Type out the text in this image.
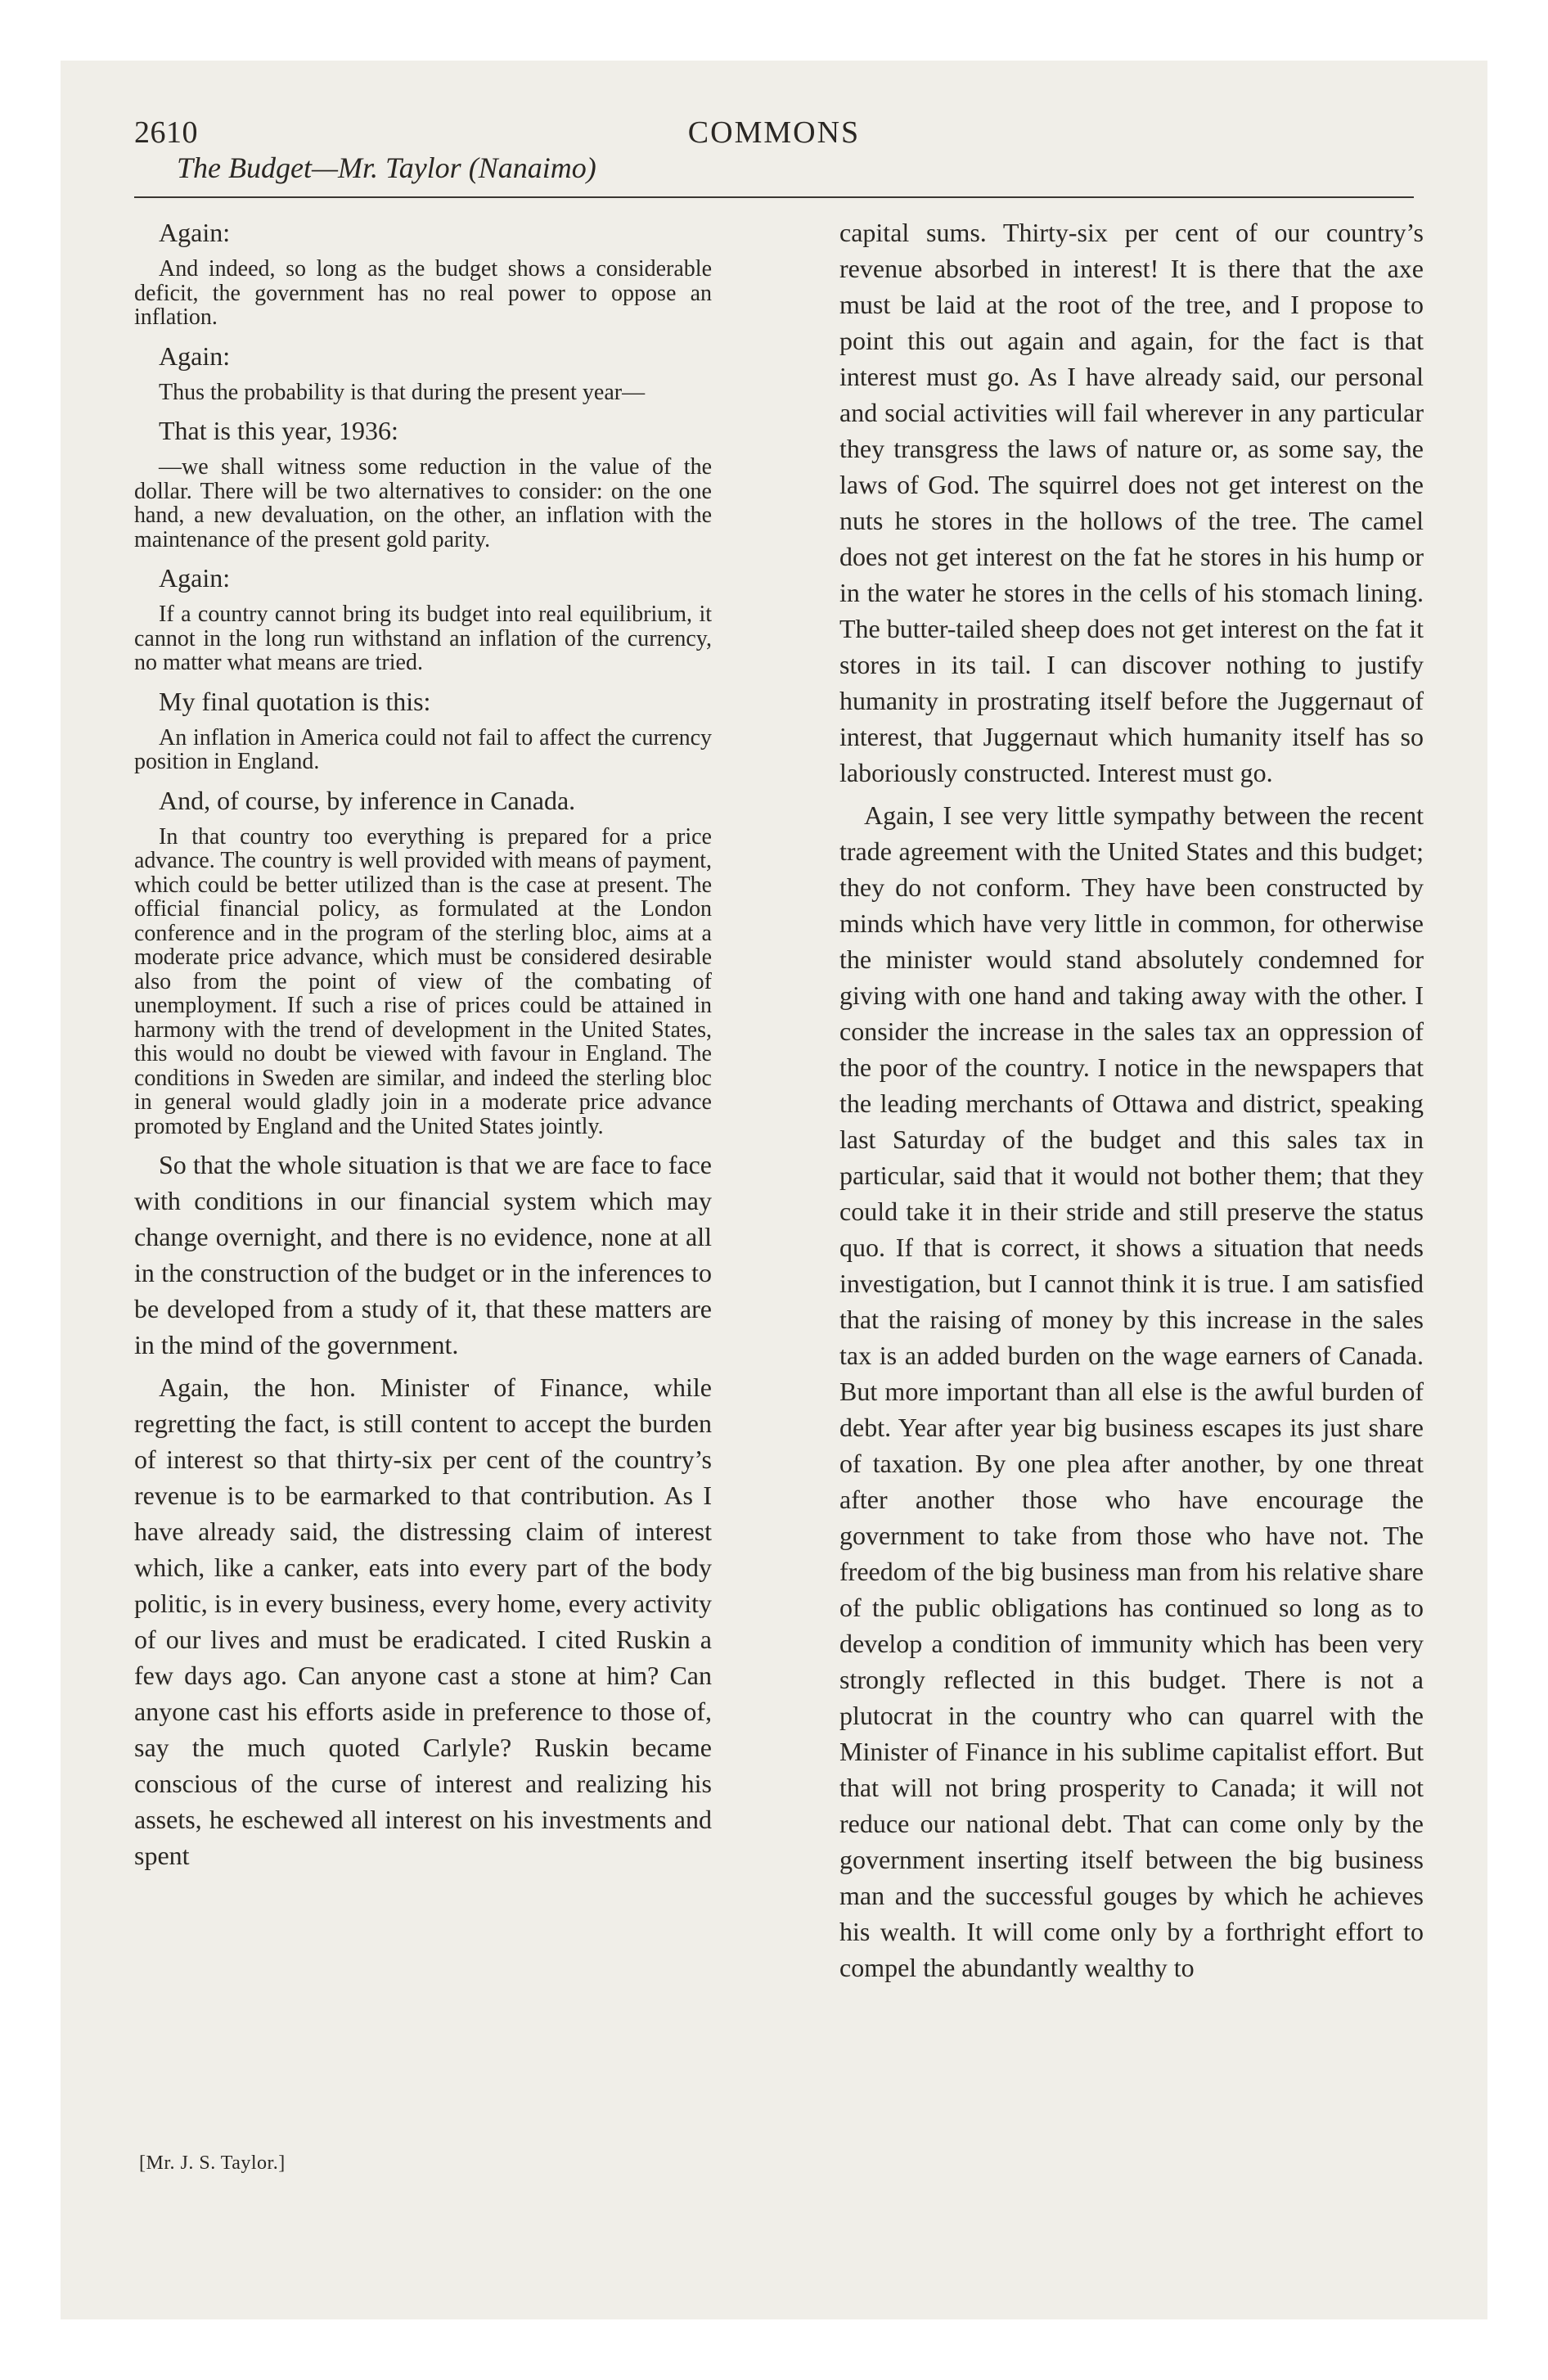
2610	COMMONS
The Budget—Mr. Taylor (Nanaimo)

Again:

And indeed, so long as the budget shows a considerable deficit, the government has no real power to oppose an inflation.

Again:

Thus the probability is that during the present year—

That is this year, 1936:

—we shall witness some reduction in the value of the dollar. There will be two alternatives to consider: on the one hand, a new devaluation, on the other, an inflation with the maintenance of the present gold parity.

Again:

If a country cannot bring its budget into real equilibrium, it cannot in the long run withstand an inflation of the currency, no matter what means are tried.

My final quotation is this:

An inflation in America could not fail to affect the currency position in England.

And, of course, by inference in Canada.

In that country too everything is prepared for a price advance. The country is well provided with means of payment, which could be better utilized than is the case at present. The official financial policy, as formulated at the London conference and in the program of the sterling bloc, aims at a moderate price advance, which must be considered desirable also from the point of view of the combating of unemployment. If such a rise of prices could be attained in harmony with the trend of development in the United States, this would no doubt be viewed with favour in England. The conditions in Sweden are similar, and indeed the sterling bloc in general would gladly join in a moderate price advance promoted by England and the United States jointly.

So that the whole situation is that we are face to face with conditions in our financial system which may change overnight, and there is no evidence, none at all in the construction of the budget or in the inferences to be developed from a study of it, that these matters are in the mind of the government.

Again, the hon. Minister of Finance, while regretting the fact, is still content to accept the burden of interest so that thirty-six per cent of the country’s revenue is to be earmarked to that contribution. As I have already said, the distressing claim of interest which, like a canker, eats into every part of the body politic, is in every business, every home, every activity of our lives and must be eradicated. I cited Ruskin a few days ago. Can anyone cast a stone at him? Can anyone cast his efforts aside in preference to those of, say the much quoted Carlyle? Ruskin became conscious of the curse of interest and realizing his assets, he eschewed all interest on his investments and spent

capital sums. Thirty-six per cent of our country’s revenue absorbed in interest! It is there that the axe must be laid at the root of the tree, and I propose to point this out again and again, for the fact is that interest must go. As I have already said, our personal and social activities will fail wherever in any particular they transgress the laws of nature or, as some say, the laws of God. The squirrel does not get interest on the nuts he stores in the hollows of the tree. The camel does not get interest on the fat he stores in his hump or in the water he stores in the cells of his stomach lining. The butter-tailed sheep does not get interest on the fat it stores in its tail. I can discover nothing to justify humanity in prostrating itself before the Juggernaut of interest, that Juggernaut which humanity itself has so laboriously constructed. Interest must go.

Again, I see very little sympathy between the recent trade agreement with the United States and this budget; they do not conform. They have been constructed by minds which have very little in common, for otherwise the minister would stand absolutely condemned for giving with one hand and taking away with the other. I consider the increase in the sales tax an oppression of the poor of the country. I notice in the newspapers that the leading merchants of Ottawa and district, speaking last Saturday of the budget and this sales tax in particular, said that it would not bother them; that they could take it in their stride and still preserve the status quo. If that is correct, it shows a situation that needs investigation, but I cannot think it is true. I am satisfied that the raising of money by this increase in the sales tax is an added burden on the wage earners of Canada. But more important than all else is the awful burden of debt. Year after year big business escapes its just share of taxation. By one plea after another, by one threat after another those who have encourage the government to take from those who have not. The freedom of the big business man from his relative share of the public obligations has continued so long as to develop a condition of immunity which has been very strongly reflected in this budget. There is not a plutocrat in the country who can quarrel with the Minister of Finance in his sublime capitalist effort. But that will not bring prosperity to Canada; it will not reduce our national debt. That can come only by the government inserting itself between the big business man and the successful gouges by which he achieves his wealth. It will come only by a forthright effort to compel the abundantly wealthy to

[Mr. J. S. Taylor.]
